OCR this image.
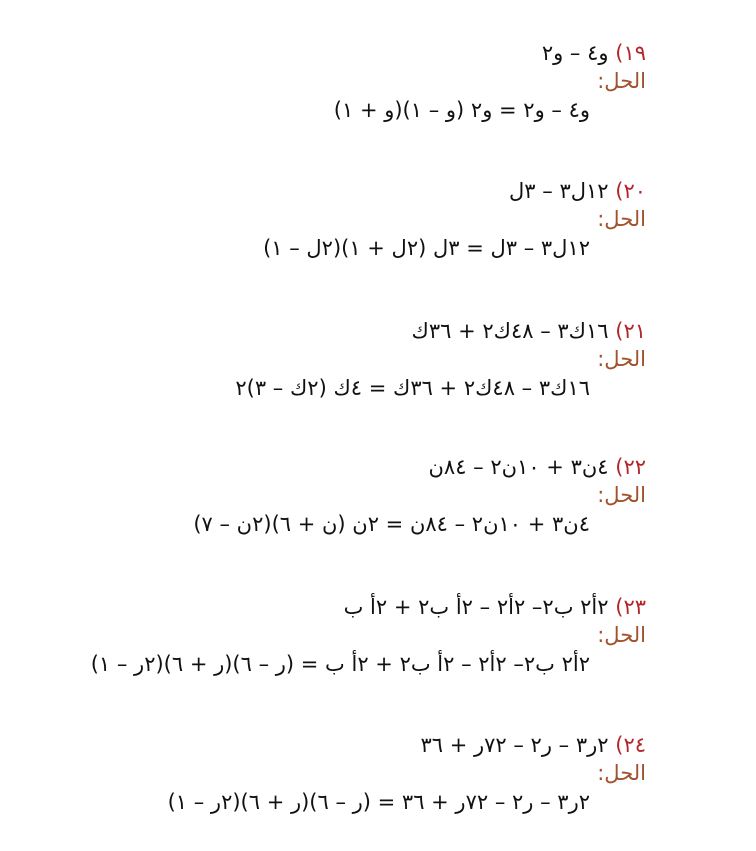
١٩) و٤ – و٢
الحل:
و٤ – و٢ = و٢ (و – ١)(و + ١)
٢٠) ١٢ل٣ – ٣ل
الحل:
١٢ل٣ – ٣ل = ٣ل (٢ل + ١)(٢ل – ١)
٢١) ١٦ك٣ – ٤٨ك٢ + ٣٦ك
الحل:
١٦ك٣ – ٤٨ك٢ + ٣٦ك = ٤ك (٢ك – ٣)٢
٢٢) ٤ن٣ + ١٠ن٢ – ٨٤ن
الحل:
٤ن٣ + ١٠ن٢ – ٨٤ن = ٢ن (ن + ٦)(٢ن – ٧)
٢٣) ٢أ٢ ب٢– ٢أ٢ – ٢أ ب٢ + ٢أ ب
الحل:
٢أ٢ ب٢– ٢أ٢ – ٢أ ب٢ + ٢أ ب = (ر – ٦)(ر + ٦)(٢ر – ١)
٢٤) ٢ر٣ – ر٢ – ٧٢ر + ٣٦
الحل:
٢ر٣ – ر٢ – ٧٢ر + ٣٦ = (ر – ٦)(ر + ٦)(٢ر – ١)
